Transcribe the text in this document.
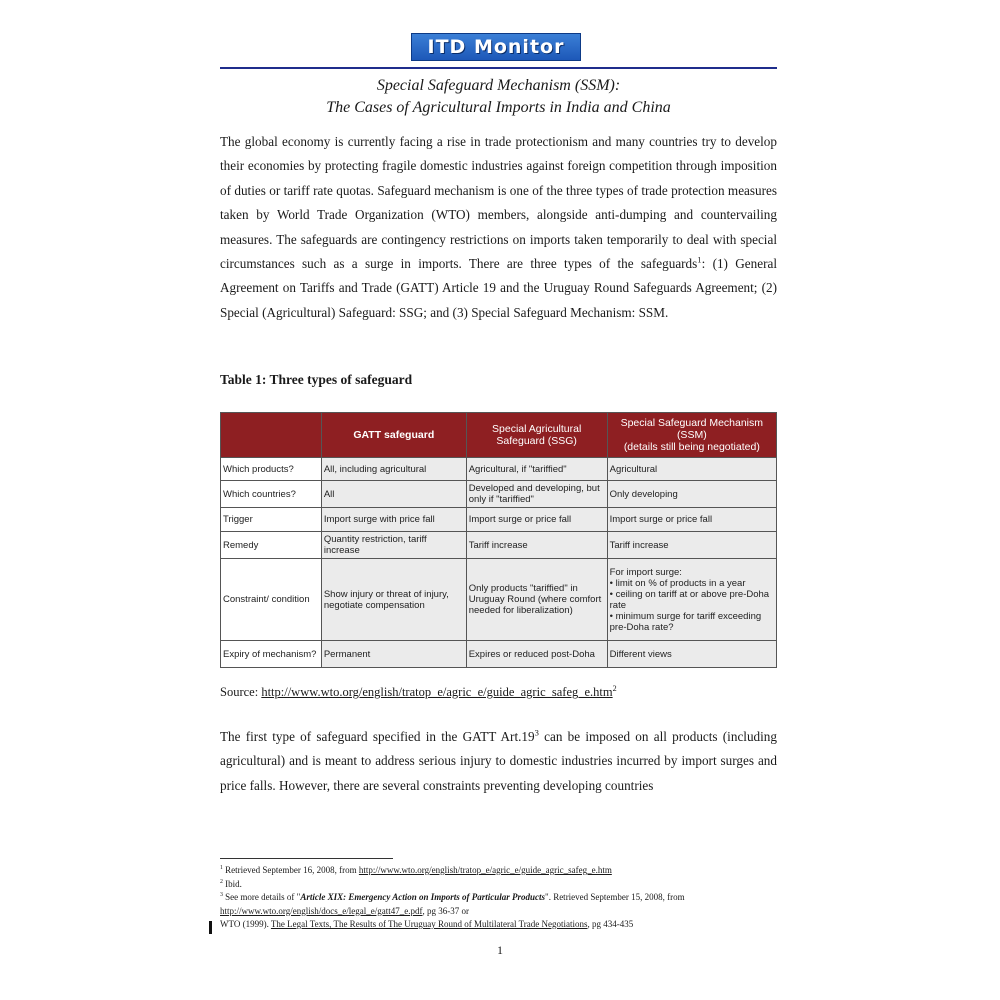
ITD Monitor
Special Safeguard Mechanism (SSM):
The Cases of Agricultural Imports in India and China
The global economy is currently facing a rise in trade protectionism and many countries try to develop their economies by protecting fragile domestic industries against foreign competition through imposition of duties or tariff rate quotas. Safeguard mechanism is one of the three types of trade protection measures taken by World Trade Organization (WTO) members, alongside anti-dumping and countervailing measures. The safeguards are contingency restrictions on imports taken temporarily to deal with special circumstances such as a surge in imports. There are three types of the safeguards$^1$: (1) General Agreement on Tariffs and Trade (GATT) Article 19 and the Uruguay Round Safeguards Agreement; (2) Special (Agricultural) Safeguard: SSG; and (3) Special Safeguard Mechanism: SSM.
Table 1: Three types of safeguard
	GATT safeguard	Special Agricultural Safeguard (SSG)	Special Safeguard Mechanism (SSM)
(details still being negotiated)

Which products?	All, including agricultural	Agricultural, if "tariffied"	Agricultural
Which countries?	All	Developed and developing, but only if "tariffied"	Only developing
Trigger	Import surge with price fall	Import surge or price fall	Import surge or price fall
Remedy	Quantity restriction, tariff increase	Tariff increase	Tariff increase
Constraint/ condition	Show injury or threat of injury, negotiate compensation	Only products "tariffied" in Uruguay Round (where comfort needed for liberalization)	For import surge:
• limit on % of products in a year
• ceiling on tariff at or above pre-Doha rate
• minimum surge for tariff exceeding pre-Doha rate?

Expiry of mechanism?	Permanent	Expires or reduced post-Doha	Different views
Source: http://www.wto.org/english/tratop_e/agric_e/guide_agric_safeg_e.htm$^2$
The first type of safeguard specified in the GATT $Art.19^3$ can be imposed on all products (including agricultural) and is meant to address serious injury to domestic industries incurred by import surges and price falls. However, there are several constraints preventing developing countries
$^1$ Retrieved September 16, 2008, from http://www.wto.org/english/tratop_e/agric_e/guide_agric_safeg_e.htm
$^2$ Ibid.
$^3$ See more details of "Article XIX: Emergency Action on Imports of Particular Products". Retrieved September 15, 2008, from http://www.wto.org/english/docs_e/legal_e/gatt47_e.pdf, pg 36-37 or
WTO (1999). The Legal Texts, The Results of The Uruguay Round of Multilateral Trade Negotiations, pg 434-435
1
